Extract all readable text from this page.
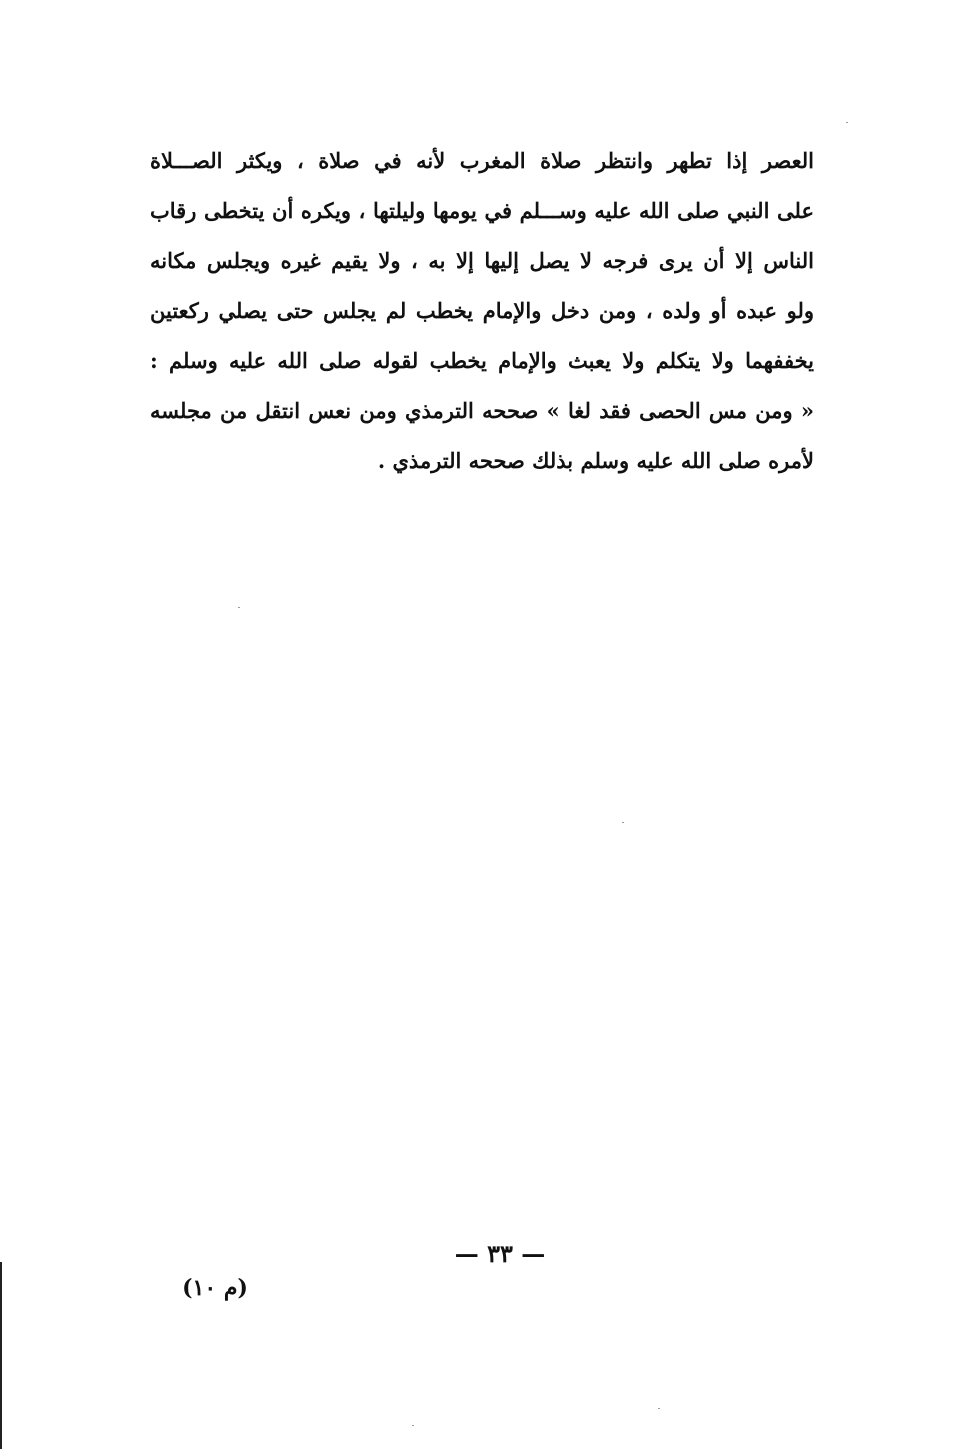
العصر إذا تطهر وانتظر صلاة المغرب لأنه في صلاة ، ويكثر الصـــلاة
على النبي صلى الله عليه وســـلم في يومها وليلتها ، ويكره أن يتخطى رقاب
الناس إلا أن يرى فرجه لا يصل إليها إلا به ، ولا يقيم غيره ويجلس مكانه
ولو عبده أو ولده ، ومن دخل والإمام يخطب لم يجلس حتى يصلي ركعتين
يخففهما ولا يتكلم ولا يعبث والإمام يخطب لقوله صلى الله عليه وسلم :
« ومن مس الحصى فقد لغا » صححه الترمذي ومن نعس انتقل من مجلسه
لأمره صلى الله عليه وسلم بذلك صححه الترمذي .
— ٣٣ —
(م ١٠)
